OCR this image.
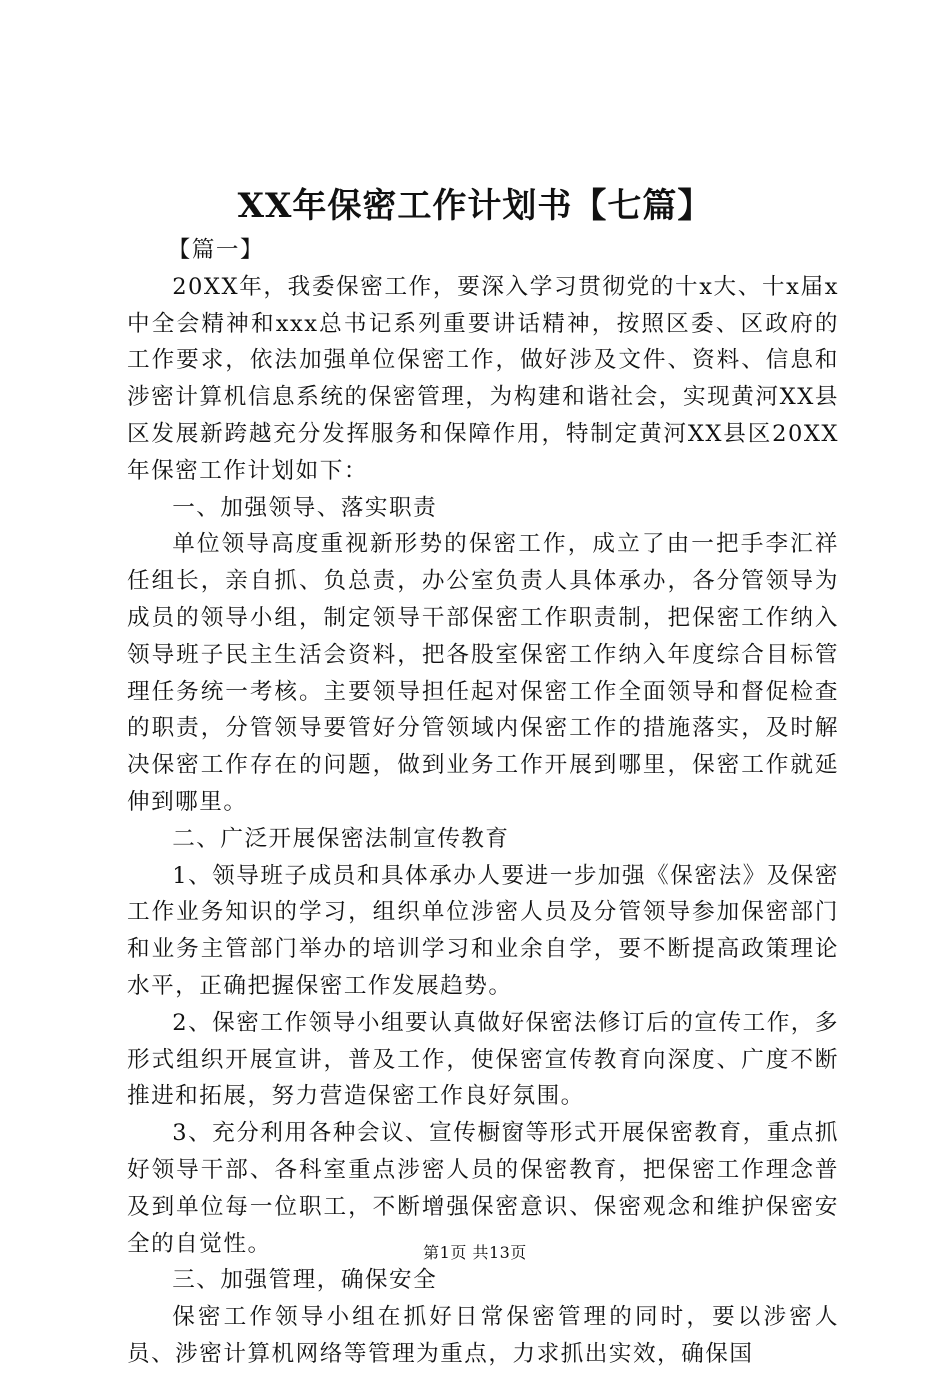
XX年保密工作计划书【七篇】

【篇一】

20XX年，我委保密工作，要深入学习贯彻党的十x大、十x届x中全会精神和xxx总书记系列重要讲话精神，按照区委、区政府的工作要求，依法加强单位保密工作，做好涉及文件、资料、信息和涉密计算机信息系统的保密管理，为构建和谐社会，实现黄河XX县区发展新跨越充分发挥服务和保障作用，特制定黄河XX县区20XX年保密工作计划如下：

一、加强领导、落实职责

单位领导高度重视新形势的保密工作，成立了由一把手李汇祥任组长，亲自抓、负总责，办公室负责人具体承办，各分管领导为成员的领导小组，制定领导干部保密工作职责制，把保密工作纳入领导班子民主生活会资料，把各股室保密工作纳入年度综合目标管理任务统一考核。主要领导担任起对保密工作全面领导和督促检查的职责，分管领导要管好分管领域内保密工作的措施落实，及时解决保密工作存在的问题，做到业务工作开展到哪里，保密工作就延伸到哪里。

二、广泛开展保密法制宣传教育

1、领导班子成员和具体承办人要进一步加强《保密法》及保密工作业务知识的学习，组织单位涉密人员及分管领导参加保密部门和业务主管部门举办的培训学习和业余自学，要不断提高政策理论水平，正确把握保密工作发展趋势。

2、保密工作领导小组要认真做好保密法修订后的宣传工作，多形式组织开展宣讲，普及工作，使保密宣传教育向深度、广度不断推进和拓展，努力营造保密工作良好氛围。

3、充分利用各种会议、宣传橱窗等形式开展保密教育，重点抓好领导干部、各科室重点涉密人员的保密教育，把保密工作理念普及到单位每一位职工，不断增强保密意识、保密观念和维护保密安全的自觉性。

三、加强管理，确保安全

保密工作领导小组在抓好日常保密管理的同时，要以涉密人员、涉密计算机网络等管理为重点，力求抓出实效，确保国

第1页 共13页
